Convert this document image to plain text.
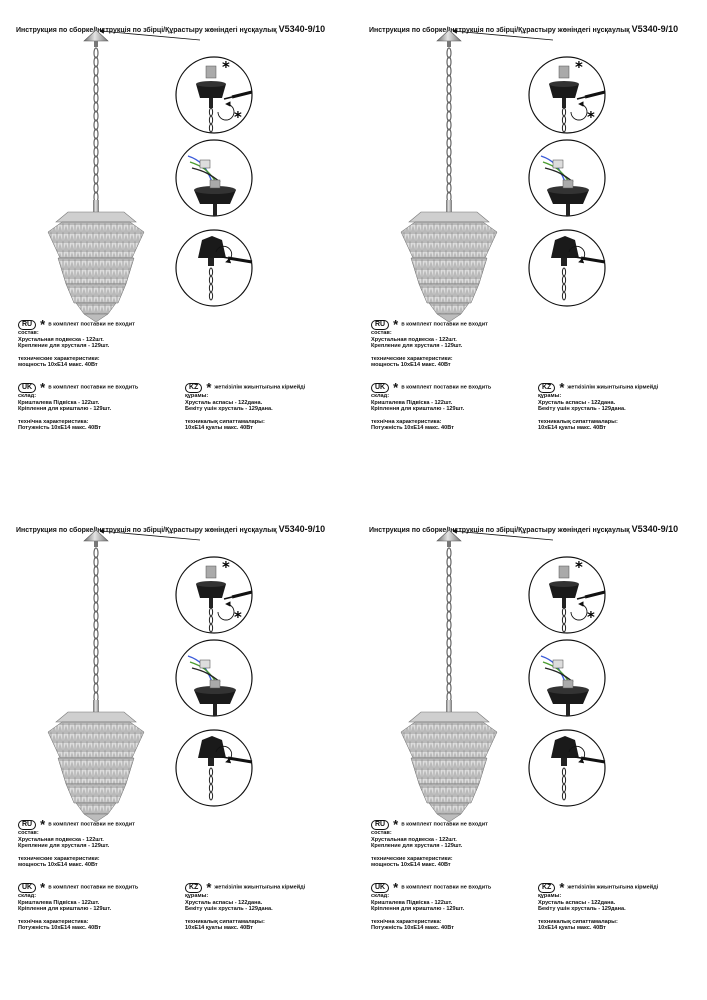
Инструкция по сборке/Інструкція по збірці/Құрастыру жөніндегі нұсқаулық V5340-9/10
RU * в комплект поставки не входит
состав:
Хрустальная подвеска - 122шт.
Крепление для хрусталя - 129шт.
технические характеристики:
мощность 10хE14 макс. 40Вт
UK * в комплект поставки не входить
склад:
Кришталева Підвіска - 122шт.
Кріплення для кришталю - 129шт.
технічна характеристика:
Потужність 10хE14 макс. 40Вт
KZ * жеткізілім жиынтығына кірмейді
құрамы:
Хрусталь аспасы - 122дана.
Бекіту үшін хрусталь - 129дана.
техникалық сипаттамалары:
10хE14 қуаты макс. 40Вт
Инструкция по сборке/Інструкція по збірці/Құрастыру жөніндегі нұсқаулық V5340-9/10
RU * в комплект поставки не входит
состав:
Хрустальная подвеска - 122шт.
Крепление для хрусталя - 129шт.
технические характеристики:
мощность 10хE14 макс. 40Вт
UK * в комплект поставки не входить
склад:
Кришталева Підвіска - 122шт.
Кріплення для кришталю - 129шт.
технічна характеристика:
Потужність 10хE14 макс. 40Вт
KZ * жеткізілім жиынтығына кірмейді
құрамы:
Хрусталь аспасы - 122дана.
Бекіту үшін хрусталь - 129дана.
техникалық сипаттамалары:
10хE14 қуаты макс. 40Вт
Инструкция по сборке/Інструкція по збірці/Құрастыру жөніндегі нұсқаулық V5340-9/10
RU * в комплект поставки не входит
состав:
Хрустальная подвеска - 122шт.
Крепление для хрусталя - 129шт.
технические характеристики:
мощность 10хE14 макс. 40Вт
UK * в комплект поставки не входить
склад:
Кришталева Підвіска - 122шт.
Кріплення для кришталю - 129шт.
технічна характеристика:
Потужність 10хE14 макс. 40Вт
KZ * жеткізілім жиынтығына кірмейді
құрамы:
Хрусталь аспасы - 122дана.
Бекіту үшін хрусталь - 129дана.
техникалық сипаттамалары:
10хE14 қуаты макс. 40Вт
Инструкция по сборке/Інструкція по збірці/Құрастыру жөніндегі нұсқаулық V5340-9/10
RU * в комплект поставки не входит
состав:
Хрустальная подвеска - 122шт.
Крепление для хрусталя - 129шт.
технические характеристики:
мощность 10хE14 макс. 40Вт
UK * в комплект поставки не входить
склад:
Кришталева Підвіска - 122шт.
Кріплення для кришталю - 129шт.
технічна характеристика:
Потужність 10хE14 макс. 40Вт
KZ * жеткізілім жиынтығына кірмейді
құрамы:
Хрусталь аспасы - 122дана.
Бекіту үшін хрусталь - 129дана.
техникалық сипаттамалары:
10хE14 қуаты макс. 40Вт
